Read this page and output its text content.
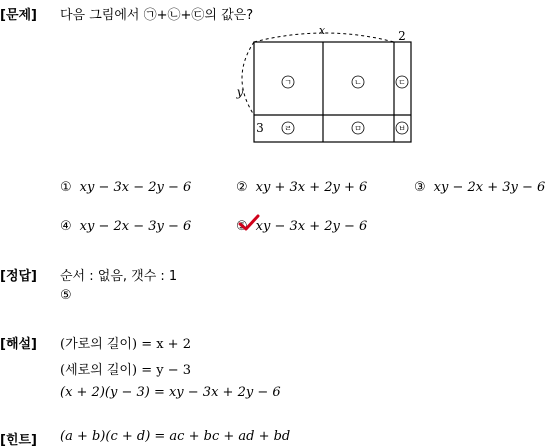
[문제] 다음 그림에서 ㉠+㉡+㉢의 값은?
ㄱ	ㄴ	ㄷ
ㄹ	ㅁ	ㅂ
x	2
y
3
① xy − 3x − 2y − 6	② xy + 3x + 2y + 6	③ xy − 2x + 3y − 6
④ xy − 2x − 3y − 6	⑤ xy − 3x + 2y − 6
[정답] 순서 : 없음, 갯수 : 1
⑤
[해설] (가로의 길이) = x + 2
(세로의 길이) = y − 3
(x + 2)(y − 3) = xy − 3x + 2y − 6
[힌트] (a + b)(c + d) = ac + bc + ad + bd
